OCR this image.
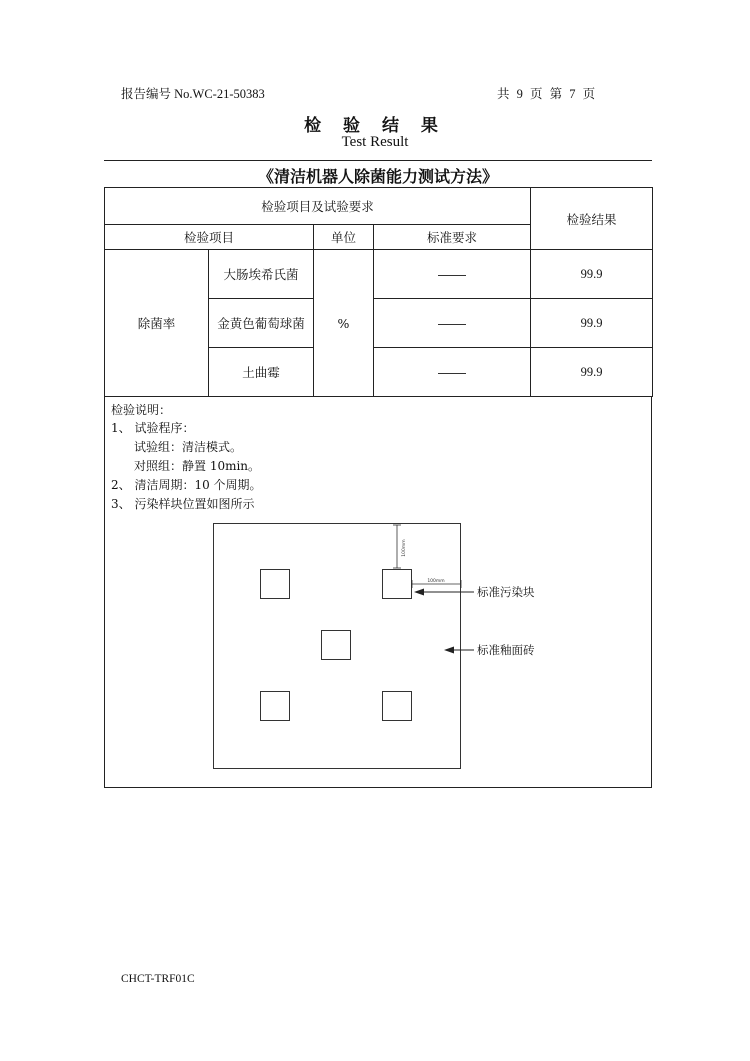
报告编号 No.WC-21-50383	共 9 页 第 7 页
检 验 结 果
Test Result
《清洁机器人除菌能力测试方法》
检验项目及试验要求				检验结果
检验项目		单位	标准要求	
除菌率	大肠埃希氏菌	%		99.9
	金黄色葡萄球菌			99.9
	土曲霉			99.9
检验说明：
1、 试验程序：
试验组：清洁模式。
对照组：静置 10min。
2、 清洁周期：10 个周期。
3、 污染样块位置如图所示
100mm
100mm
标准污染块
标准釉面砖
CHCT-TRF01C
